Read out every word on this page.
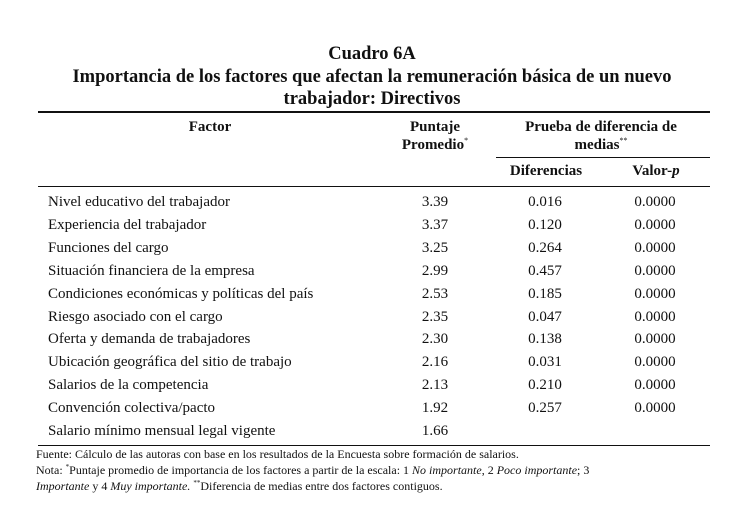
Cuadro 6A
Importancia de los factores que afectan la remuneración básica de un nuevo
trabajador: Directivos
Factor	Puntaje
Promedio*
Prueba de diferencia de
medias**
Diferencias	Valor-p
Nivel educativo del trabajador	3.39	0.016	0.0000
Experiencia del trabajador	3.37	0.120	0.0000
Funciones del cargo	3.25	0.264	0.0000
Situación financiera de la empresa	2.99	0.457	0.0000
Condiciones económicas y políticas del país	2.53	0.185	0.0000
Riesgo asociado con el cargo	2.35	0.047	0.0000
Oferta y demanda de trabajadores	2.30	0.138	0.0000
Ubicación geográfica del sitio de trabajo	2.16	0.031	0.0000
Salarios de la competencia	2.13	0.210	0.0000
Convención colectiva/pacto	1.92	0.257	0.0000
Salario mínimo mensual legal vigente	1.66
Fuente: Cálculo de las autoras con base en los resultados de la Encuesta sobre formación de salarios.
Nota: *Puntaje promedio de importancia de los factores a partir de la escala: 1 No importante, 2 Poco importante; 3
Importante y 4 Muy importante. **Diferencia de medias entre dos factores contiguos.
